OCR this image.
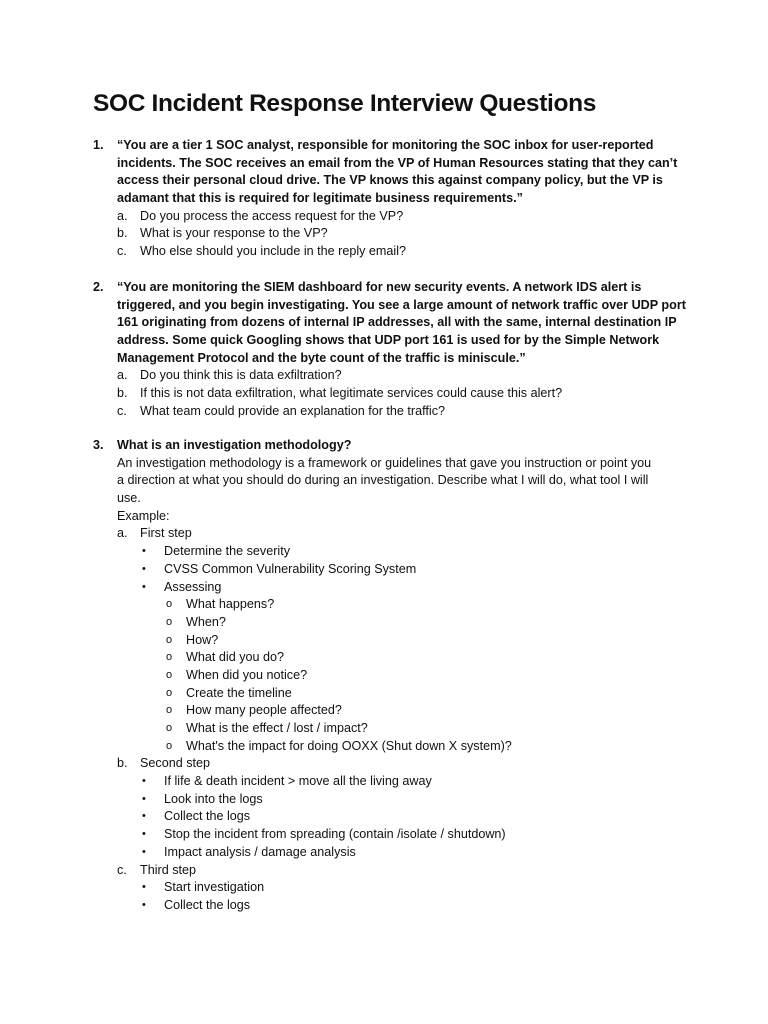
SOC Incident Response Interview Questions
1. “You are a tier 1 SOC analyst, responsible for monitoring the SOC inbox for user-reported
incidents. The SOC receives an email from the VP of Human Resources stating that they can’t
access their personal cloud drive. The VP knows this against company policy, but the VP is
adamant that this is required for legitimate business requirements.”
a. Do you process the access request for the VP?
b. What is your response to the VP?
c. Who else should you include in the reply email?
2. “You are monitoring the SIEM dashboard for new security events. A network IDS alert is
triggered, and you begin investigating. You see a large amount of network traffic over UDP port
161 originating from dozens of internal IP addresses, all with the same, internal destination IP
address. Some quick Googling shows that UDP port 161 is used for by the Simple Network
Management Protocol and the byte count of the traffic is miniscule.”
a. Do you think this is data exfiltration?
b. If this is not data exfiltration, what legitimate services could cause this alert?
c. What team could provide an explanation for the traffic?
3. What is an investigation methodology?
An investigation methodology is a framework or guidelines that gave you instruction or point you
a direction at what you should do during an investigation. Describe what I will do, what tool I will
use.
Example:
a. First step
• Determine the severity
• CVSS Common Vulnerability Scoring System
• Assessing
o What happens?
o When?
o How?
o What did you do?
o When did you notice?
o Create the timeline
o How many people affected?
o What is the effect / lost / impact?
o What's the impact for doing OOXX (Shut down X system)?
b. Second step
• If life & death incident > move all the living away
• Look into the logs
• Collect the logs
• Stop the incident from spreading (contain /isolate / shutdown)
• Impact analysis / damage analysis
c. Third step
• Start investigation
• Collect the logs
